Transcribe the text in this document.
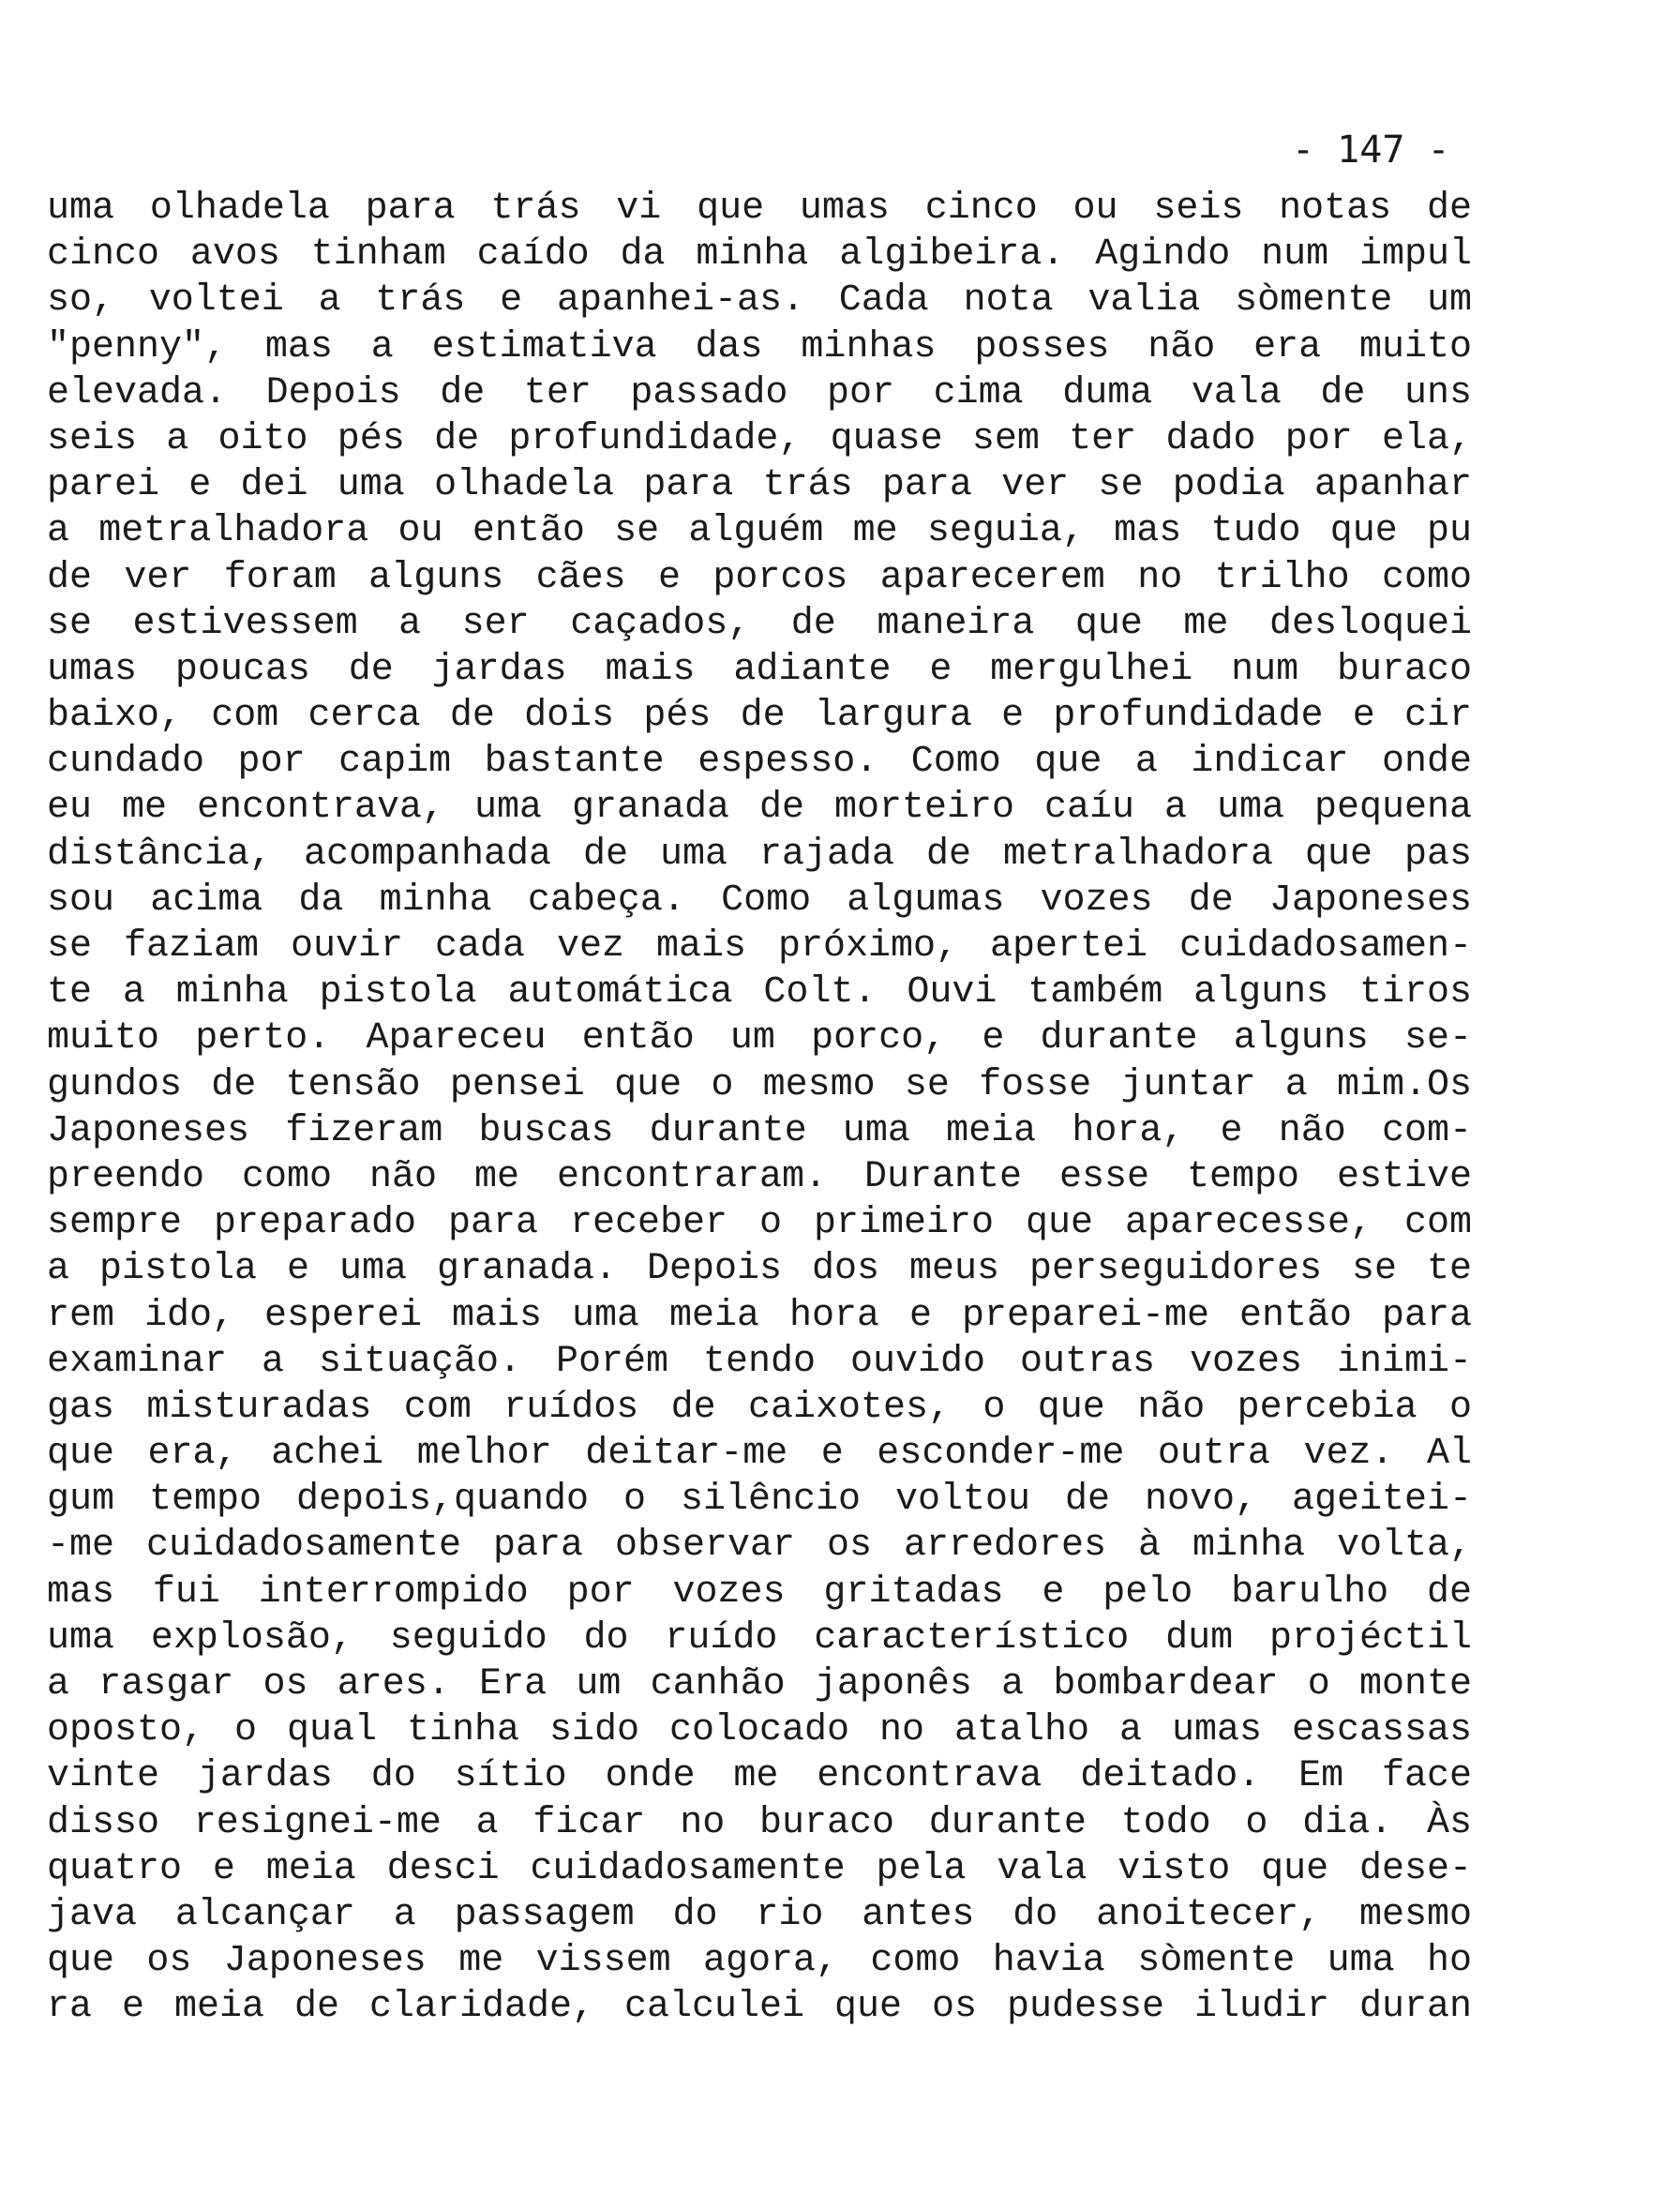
- 147 -
uma olhadela para trás vi que umas cinco ou seis notas de
cinco avos tinham caído da minha algibeira. Agindo num impul
so, voltei a trás e apanhei-as. Cada nota valia sòmente um
"penny", mas a estimativa das minhas posses não era muito
elevada. Depois de ter passado por cima duma vala de uns
seis a oito pés de profundidade, quase sem ter dado por ela,
parei e dei uma olhadela para trás para ver se podia apanhar
a metralhadora ou então se alguém me seguia, mas tudo que pu
de ver foram alguns cães e porcos aparecerem no trilho como
se estivessem a ser caçados, de maneira que me desloquei
umas poucas de jardas mais adiante e mergulhei num buraco
baixo, com cerca de dois pés de largura e profundidade e cir
cundado por capim bastante espesso. Como que a indicar onde
eu me encontrava, uma granada de morteiro caíu a uma pequena
distância, acompanhada de uma rajada de metralhadora que pas
sou acima da minha cabeça. Como algumas vozes de Japoneses
se faziam ouvir cada vez mais próximo, apertei cuidadosamen-
te a minha pistola automática Colt. Ouvi também alguns tiros
muito perto. Apareceu então um porco, e durante alguns se-
gundos de tensão pensei que o mesmo se fosse juntar a mim.Os
Japoneses fizeram buscas durante uma meia hora, e não com-
preendo como não me encontraram. Durante esse tempo estive
sempre preparado para receber o primeiro que aparecesse, com
a pistola e uma granada. Depois dos meus perseguidores se te
rem ido, esperei mais uma meia hora e preparei-me então para
examinar a situação. Porém tendo ouvido outras vozes inimi-
gas misturadas com ruídos de caixotes, o que não percebia o
que era, achei melhor deitar-me e esconder-me outra vez. Al
gum tempo depois,quando o silêncio voltou de novo, ageitei-
-me cuidadosamente para observar os arredores à minha volta,
mas fui interrompido por vozes gritadas e pelo barulho de
uma explosão, seguido do ruído característico dum projéctil
a rasgar os ares. Era um canhão japonês a bombardear o monte
oposto, o qual tinha sido colocado no atalho a umas escassas
vinte jardas do sítio onde me encontrava deitado. Em face
disso resignei-me a ficar no buraco durante todo o dia. Às
quatro e meia desci cuidadosamente pela vala visto que dese-
java alcançar a passagem do rio antes do anoitecer, mesmo
que os Japoneses me vissem agora, como havia sòmente uma ho
ra e meia de claridade, calculei que os pudesse iludir duran
